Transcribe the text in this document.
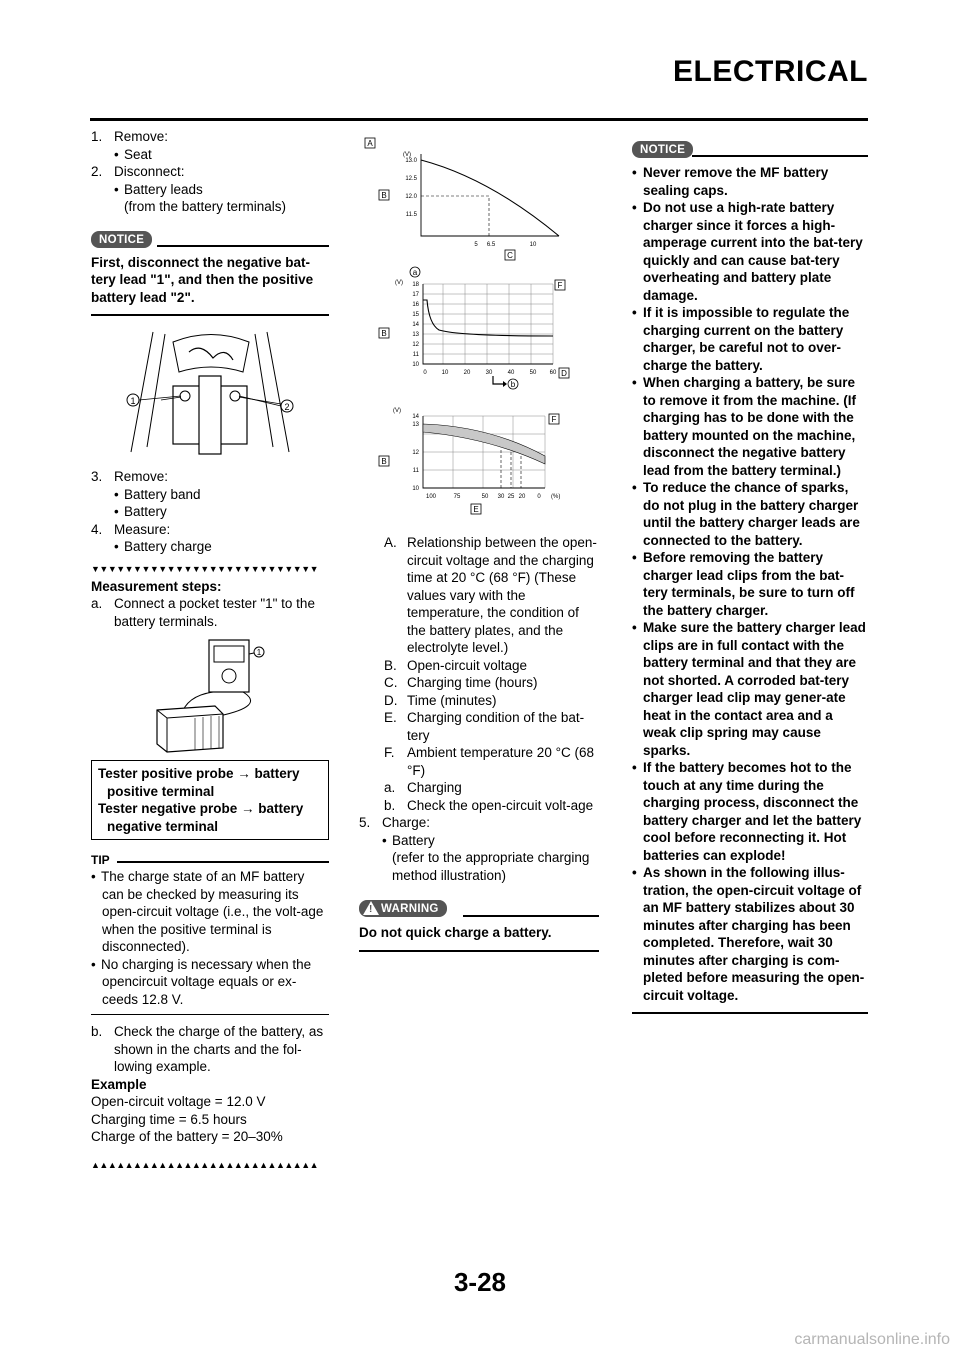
ELECTRICAL
1. Remove:
• Seat
2. Disconnect:
• Battery leads
(from the battery terminals)
NOTICE
First, disconnect the negative bat-tery lead "1", and then the positive battery lead "2".
1
2
3. Remove:
• Battery band
• Battery
4. Measure:
• Battery charge
▼▼▼▼▼▼▼▼▼▼▼▼▼▼▼▼▼▼▼▼▼▼▼▼▼▼▼
Measurement steps:
a. Connect a pocket tester "1" to the battery terminals.
1
Tester positive probe → battery positive terminal
Tester negative probe → battery negative terminal
TIP
• The charge state of an MF battery can be checked by measuring its open-circuit voltage (i.e., the volt-age when the positive terminal is disconnected).
• No charging is necessary when the opencircuit voltage equals or ex-ceeds 12.8 V.
b. Check the charge of the battery, as shown in the charts and the fol-lowing example.
Example
Open-circuit voltage = 12.0 V
Charging time = 6.5 hours
Charge of the battery = 20–30%
▲▲▲▲▲▲▲▲▲▲▲▲▲▲▲▲▲▲▲▲▲▲▲▲▲▲▲
A
B
(V)
13.0
12.5
12.0
11.5
5 6.5	10
C
a
(V)
B
F
18
17
16
15
14
13
12
11
10
0 10	20	30	40	50 60 D
b
(V)
F
B
14
13
12
11
10
100	75	50 30 25 20 0 (%)
E
A. Relationship between the open-circuit voltage and the charging time at 20 °C (68 °F) (These values vary with the temperature, the condition of the battery plates, and the electrolyte level.)
B. Open-circuit voltage
C. Charging time (hours)
D. Time (minutes)
E. Charging condition of the bat-tery
F. Ambient temperature 20 °C (68 °F)
a. Charging
b. Check the open-circuit volt-age
5. Charge:
• Battery
(refer to the appropriate charging method illustration)
! WARNING
Do not quick charge a battery.
NOTICE
• Never remove the MF battery sealing caps.
• Do not use a high-rate battery charger since it forces a high-amperage current into the bat-tery quickly and can cause bat-tery overheating and battery plate damage.
• If it is impossible to regulate the charging current on the battery charger, be careful not to over-charge the battery.
• When charging a battery, be sure to remove it from the machine. (If charging has to be done with the battery mounted on the machine, disconnect the negative battery lead from the battery terminal.)
• To reduce the chance of sparks, do not plug in the battery charger until the battery charger leads are connected to the battery.
• Before removing the battery charger lead clips from the bat-tery terminals, be sure to turn off the battery charger.
• Make sure the battery charger lead clips are in full contact with the battery terminal and that they are not shorted. A corroded bat-tery charger lead clip may gener-ate heat in the contact area and a weak clip spring may cause sparks.
• If the battery becomes hot to the touch at any time during the charging process, disconnect the battery charger and let the battery cool before reconnecting it. Hot batteries can explode!
• As shown in the following illus-tration, the open-circuit voltage of an MF battery stabilizes about 30 minutes after charging has been completed. Therefore, wait 30 minutes after charging is com-pleted before measuring the open-circuit voltage.
3-28
carmanualsonline.info
